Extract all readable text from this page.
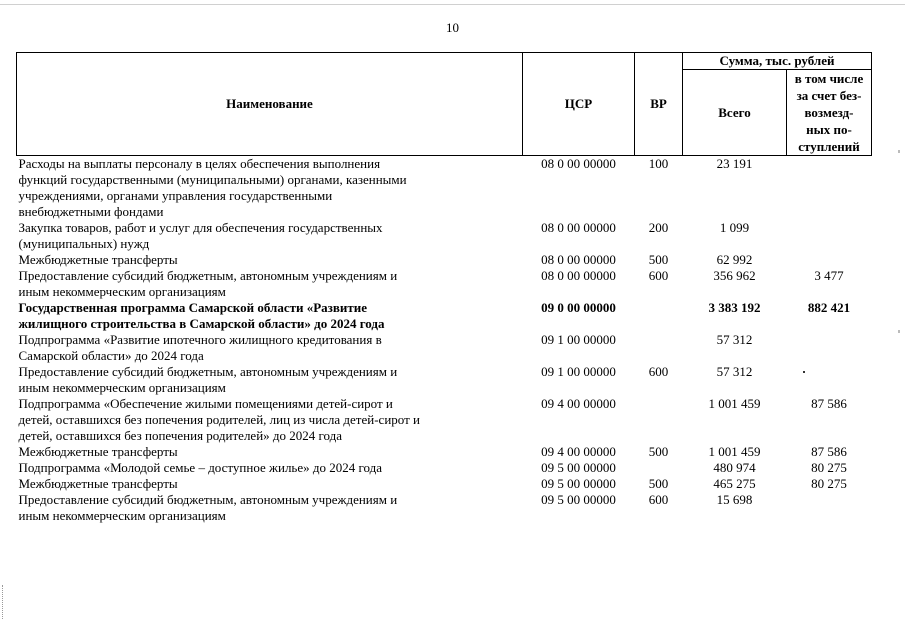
10
Наименование	ЦСР	ВР	Сумма, тыс. рублей	
			Всего	в том числе
за счет без-
возмезд-
ных по-
ступлений

Расходы на выплаты персоналу в целях обеспечения выполнения
функций государственными (муниципальными) органами, казенными
учреждениями, органами управления государственными
внебюджетными фондами	08 0 00 00000	100	23 191	

Закупка товаров, работ и услуг для обеспечения государственных
(муниципальных) нужд	08 0 00 00000	200	1 099	

Межбюджетные трансферты	08 0 00 00000	500	62 992	

Предоставление субсидий бюджетным, автономным учреждениям и
иным некоммерческим организациям	08 0 00 00000	600	356 962	3 477

Государственная программа Самарской области «Развитие
жилищного строительства в Самарской области» до 2024 года	09 0 00 00000		3 383 192	882 421

Подпрограмма «Развитие ипотечного жилищного кредитования в
Самарской области» до 2024 года	09 1 00 00000		57 312	

Предоставление субсидий бюджетным, автономным учреждениям и
иным некоммерческим организациям	09 1 00 00000	600	57 312	

Подпрограмма «Обеспечение жилыми помещениями детей-сирот и
детей, оставшихся без попечения родителей, лиц из числа детей-сирот и
детей, оставшихся без попечения родителей» до 2024 года	09 4 00 00000		1 001 459	87 586

Межбюджетные трансферты	09 4 00 00000	500	1 001 459	87 586

Подпрограмма «Молодой семье – доступное жилье» до 2024 года	09 5 00 00000		480 974	80 275

Межбюджетные трансферты	09 5 00 00000	500	465 275	80 275

Предоставление субсидий бюджетным, автономным учреждениям и
иным некоммерческим организациям	09 5 00 00000	600	15 698	
